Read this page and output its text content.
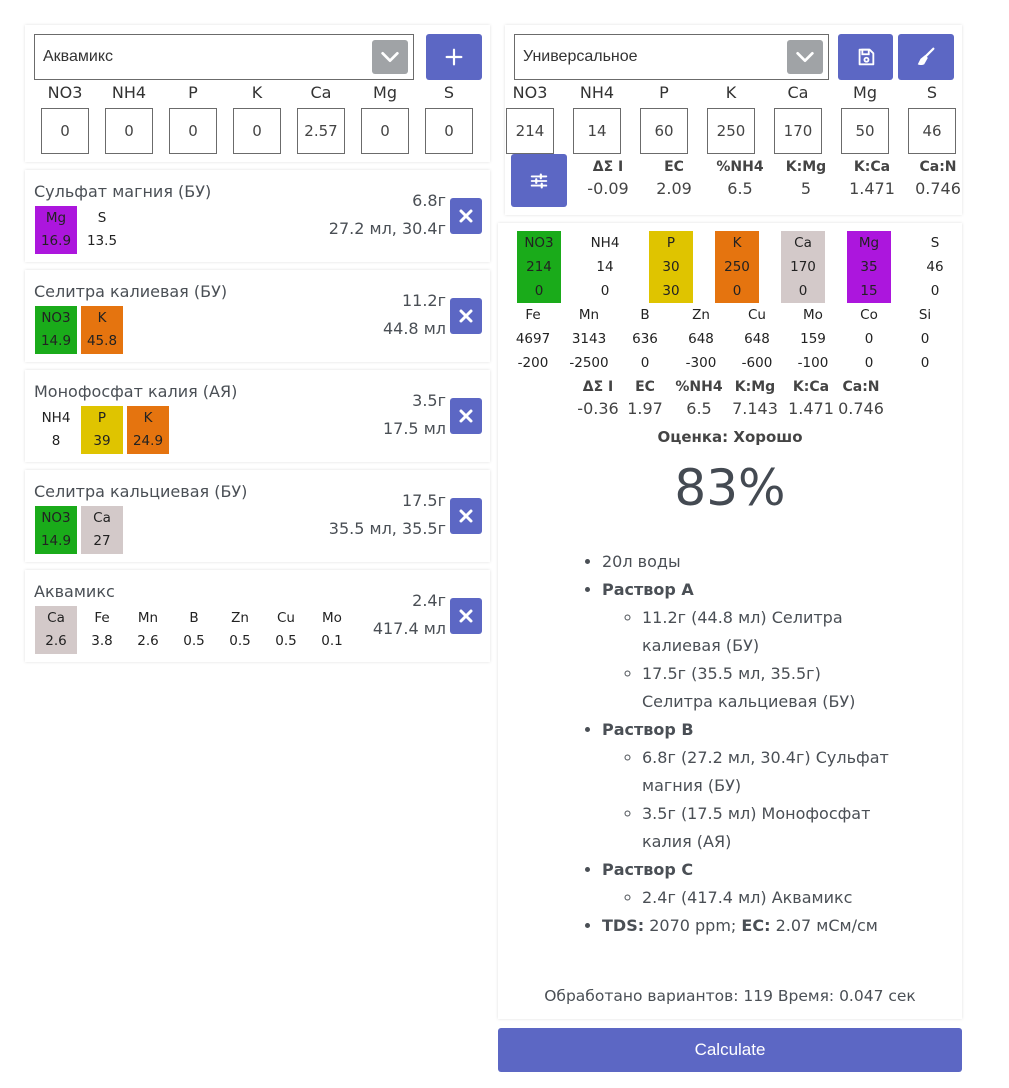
Аквамикс
NO3
0
NH4
0
P
0
K
0
Ca
2.57
Mg
0
S
0
Сульфат магния (БУ)
Mg
16.9
S
13.5
6.8г
27.2 мл, 30.4г
Селитра калиевая (БУ)
NO3
14.9
K
45.8
11.2г
44.8 мл
Монофосфат калия (АЯ)
NH4
8
P
39
K
24.9
3.5г
17.5 мл
Селитра кальциевая (БУ)
NO3
14.9
Ca
27
17.5г
35.5 мл, 35.5г
Аквамикс
Ca
2.6
Fe
3.8
Mn
2.6
B
0.5
Zn
0.5
Cu
0.5
Mo
0.1
2.4г
417.4 мл
Универсальное
NO3
214
NH4
14
P
60
K
250
Ca
170
Mg
50
S
46
ΔΣ I
-0.09
EC
2.09
%NH4
6.5
K:Mg
5
K:Ca
1.471
Ca:N
0.746
NO3
214
0
NH4
14
0
P
30
30
K
250
0
Ca
170
0
Mg
35
15
S
46
0
Fe
4697
-200
Mn
3143
-2500
B
636
0
Zn
648
-300
Cu
648
-600
Mo
159
-100
Co
0
0
Si
0
0
ΔΣ I
-0.36
EC
1.97
%NH4
6.5
K:Mg
7.143
K:Ca
1.471
Ca:N
0.746
Оценка: Хорошо
83%
Обработано вариантов: 119 Время: 0.047 сек
• 20л воды
• Раствор A
◦ 11.2г (44.8 мл) Селитра калиевая (БУ)
◦ 17.5г (35.5 мл, 35.5г) Селитра кальциевая (БУ)
• Раствор B
◦ 6.8г (27.2 мл, 30.4г) Сульфат магния (БУ)
◦ 3.5г (17.5 мл) Монофосфат калия (АЯ)
• Раствор C
◦ 2.4г (417.4 мл) Аквамикс
• TDS: 2070 ppm; EC: 2.07 мСм/см
Calculate
